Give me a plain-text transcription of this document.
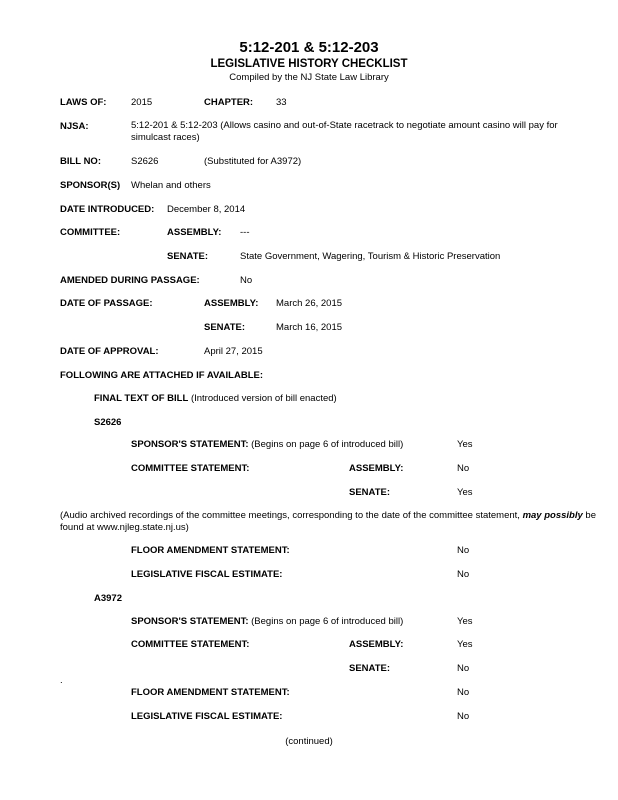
5:12-201 & 5:12-203
LEGISLATIVE HISTORY CHECKLIST
Compiled by the NJ State Law Library
LAWS OF:	2015	CHAPTER: 33
NJSA:	5:12-201 & 5:12-203 (Allows casino and out-of-State racetrack to negotiate amount casino will pay for simulcast races)
BILL NO:	S2626	(Substituted for A3972)
SPONSOR(S) Whelan and others
DATE INTRODUCED: December 8, 2014
COMMITTEE:	ASSEMBLY: ---
SENATE:	State Government, Wagering, Tourism & Historic Preservation
AMENDED DURING PASSAGE:	No
DATE OF PASSAGE:	ASSEMBLY: March 26, 2015
SENATE:	March 16, 2015
DATE OF APPROVAL:	April 27, 2015
FOLLOWING ARE ATTACHED IF AVAILABLE:
FINAL TEXT OF BILL (Introduced version of bill enacted)
S2626
SPONSOR'S STATEMENT: (Begins on page 6 of introduced bill)	Yes
COMMITTEE STATEMENT:	ASSEMBLY:	No
SENATE:	Yes
(Audio archived recordings of the committee meetings, corresponding to the date of the committee statement, may possibly be found at www.njleg.state.nj.us)
FLOOR AMENDMENT STATEMENT:	No
LEGISLATIVE FISCAL ESTIMATE:	No
A3972
SPONSOR'S STATEMENT: (Begins on page 6 of introduced bill)	Yes
COMMITTEE STATEMENT:	ASSEMBLY:	Yes
SENATE:	No
.
FLOOR AMENDMENT STATEMENT:	No
LEGISLATIVE FISCAL ESTIMATE:	No
(continued)
